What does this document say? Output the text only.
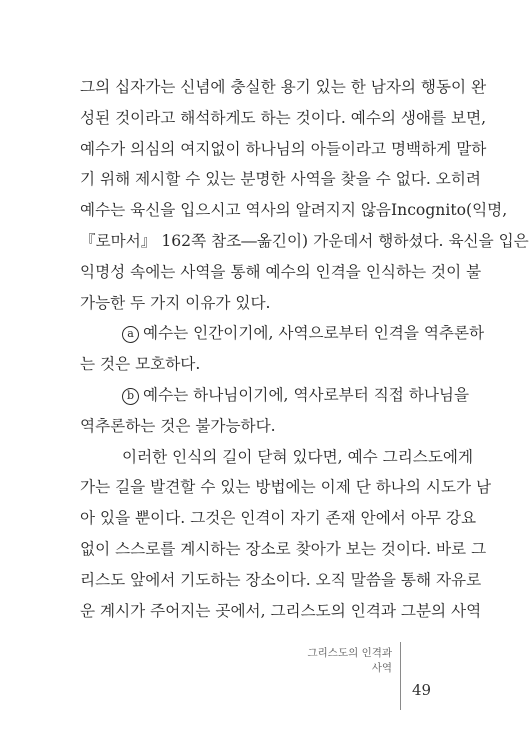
그의 십자가는 신념에 충실한 용기 있는 한 남자의 행동이 완
성된 것이라고 해석하게도 하는 것이다. 예수의 생애를 보면,
예수가 의심의 여지없이 하나님의 아들이라고 명백하게 말하
기 위해 제시할 수 있는 분명한 사역을 찾을 수 없다. 오히려
예수는 육신을 입으시고 역사의 알려지지 않음Incognito(익명,
『로마서』 162쪽 참조―옮긴이) 가운데서 행하셨다. 육신을 입은
익명성 속에는 사역을 통해 예수의 인격을 인식하는 것이 불
가능한 두 가지 이유가 있다.
a 예수는 인간이기에, 사역으로부터 인격을 역추론하
는 것은 모호하다.
b 예수는 하나님이기에, 역사로부터 직접 하나님을
역추론하는 것은 불가능하다.
이러한 인식의 길이 닫혀 있다면, 예수 그리스도에게
가는 길을 발견할 수 있는 방법에는 이제 단 하나의 시도가 남
아 있을 뿐이다. 그것은 인격이 자기 존재 안에서 아무 강요
없이 스스로를 계시하는 장소로 찾아가 보는 것이다. 바로 그
리스도 앞에서 기도하는 장소이다. 오직 말씀을 통해 자유로
운 계시가 주어지는 곳에서, 그리스도의 인격과 그분의 사역
그리스도의 인격과
사역
49
